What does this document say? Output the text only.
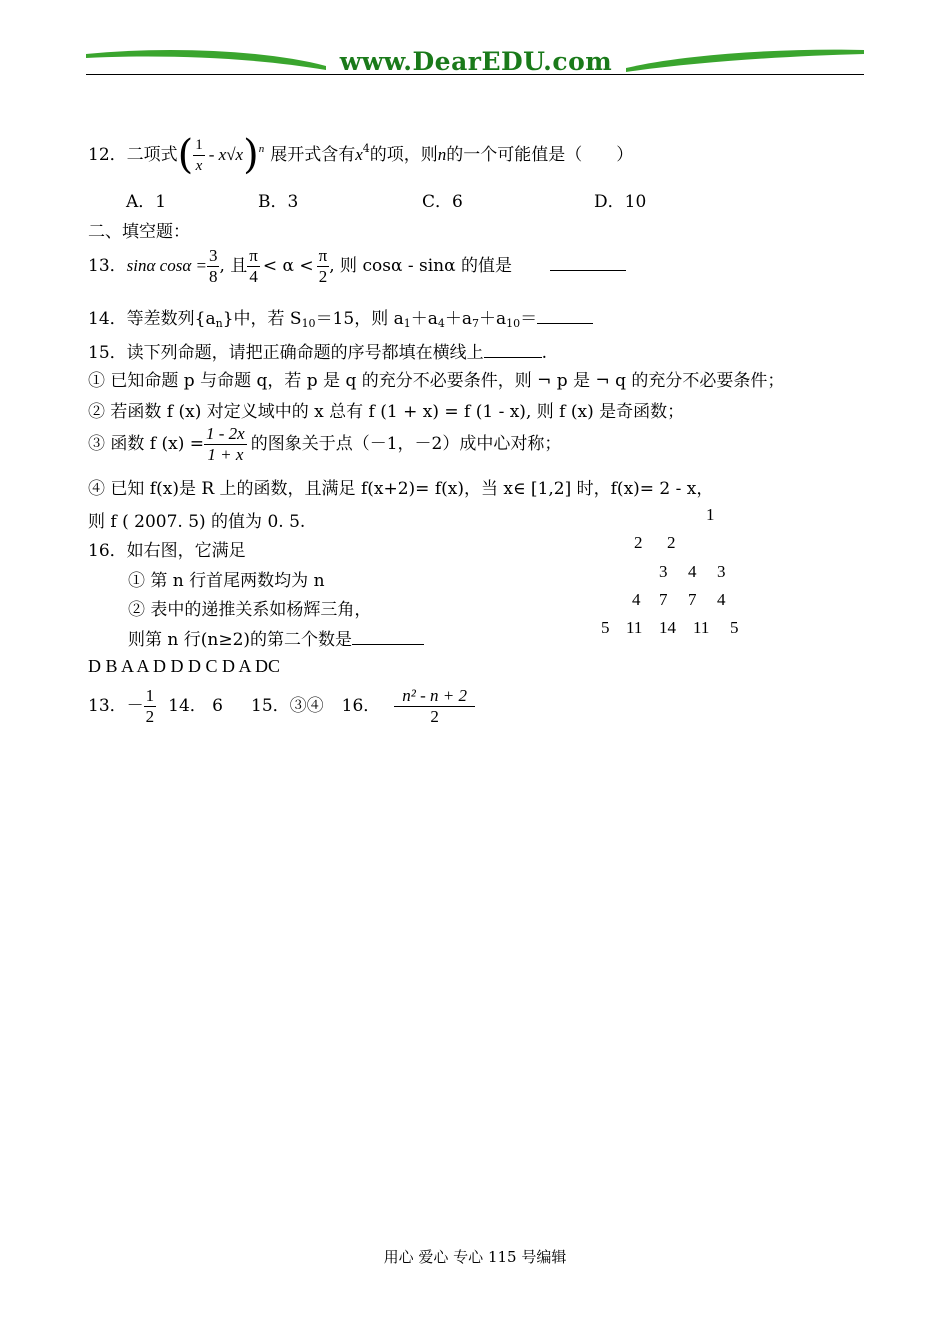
www.DearEDU.com
12．二项式( $\frac{1}{x} - x√x)^n$ 展开式含有$x^4$的项，则n的一个可能值是（　　）
A．1	B．3	C．6	D．10
二、填空题：
13．sinα $\cos\alpha = \frac{3}{8}$ , 且 $\frac{\pi}{4} < \alpha < \frac{\pi}{2}$ , 则 cosα - sinα 的值是
14．等差数列$\{a_n\}$中，若 $S_{10}=15$，则 $a_1+a_4+a_7+a_{10}=$
15．读下列命题，请把正确命题的序号都填在横线上	.
① 已知命题 p 与命题 q，若 p 是 q 的充分不必要条件，则 ¬ p 是 ¬ q 的充分不必要条件；
② 若函数 f (x) 对定义域中的 x 总有 f (1 + x) = f (1 - x), 则 f (x) 是奇函数；
③ 函数 f $(x) = \frac{1 - 2x}{1 + x}$ 的图象关于点（－1，－2）成中心对称；
④ 已知 f(x)是 R 上的函数，且满足 f(x+2)= f(x)，当 x∈ [1,2] 时，f(x)= 2 - x，
则 f ( 2007. 5) 的值为 0. 5.
16．如右图，它满足
① 第 n 行首尾两数均为 n
② 表中的递推关系如杨辉三角，
则第 n 行(n≥2)的第二个数是
1
2 2
3 4 3
4 7 7 4
5 11 14 11 5
D B A A D D D C D A DC
13．－ $\frac{1}{2} 14$． 6 15．③④ 16． $\frac{\text{n² - n + 2}}{2}$
用心 爱心 专心 115 号编辑
